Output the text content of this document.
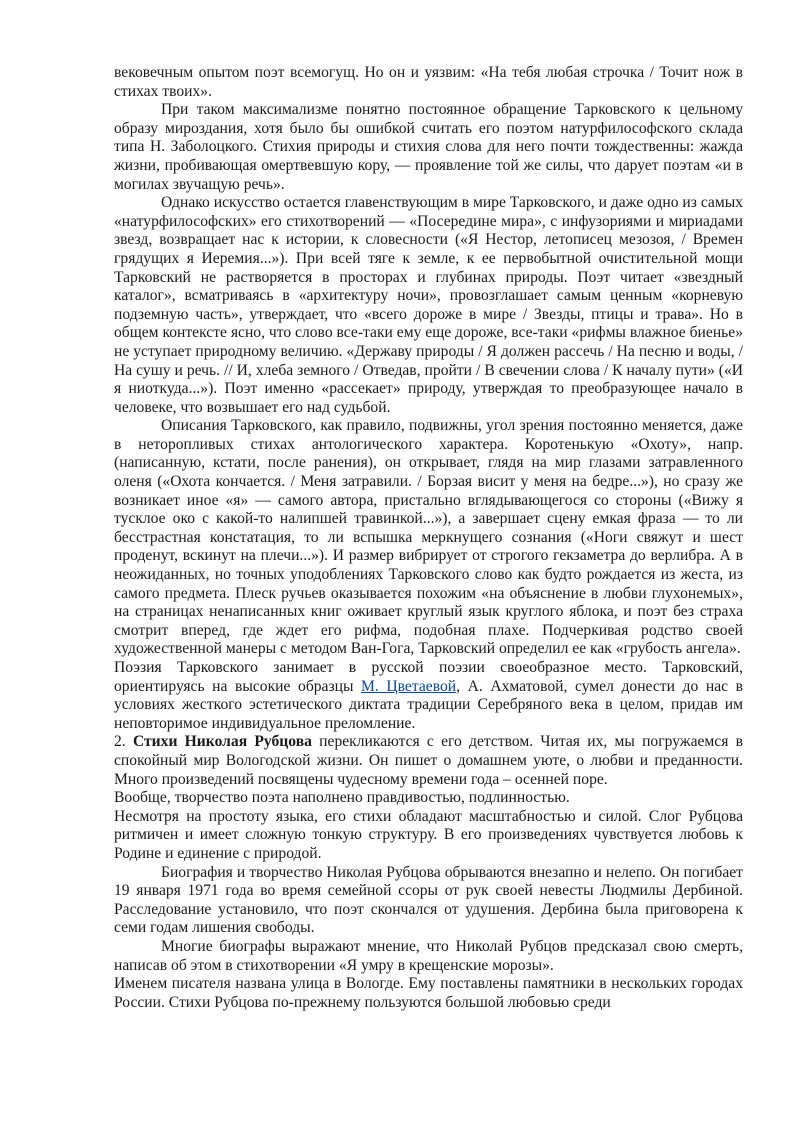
вековечным опытом поэт всемогущ. Но он и уязвим: «На тебя любая строчка / Точит нож в стихах твоих».

При таком максимализме понятно постоянное обращение Тарковского к цельному образу мироздания, хотя было бы ошибкой считать его поэтом натурфилософского склада типа Н. Заболоцкого. Стихия природы и стихия слова для него почти тождественны: жажда жизни, пробивающая омертвевшую кору, — проявление той же силы, что дарует поэтам «и в могилах звучащую речь».

Однако искусство остается главенствующим в мире Тарковского, и даже одно из самых «натурфилософских» его стихотворений — «Посередине мира», с инфузориями и мириадами звезд, возвращает нас к истории, к словесности («Я Нестор, летописец мезозоя, / Времен грядущих я Иеремия...»). При всей тяге к земле, к ее первобытной очистительной мощи Тарковский не растворяется в просторах и глубинах природы. Поэт читает «звездный каталог», всматриваясь в «архитектуру ночи», провозглашает самым ценным «корневую подземную часть», утверждает, что «всего дороже в мире / Звезды, птицы и трава». Но в общем контексте ясно, что слово все-таки ему еще дороже, все-таки «рифмы влажное биенье» не уступает природному величию. «Державу природы / Я должен рассечь / На песню и воды, / На сушу и речь. // И, хлеба земного / Отведав, пройти / В свечении слова / К началу пути» («И я ниоткуда...»). Поэт именно «рассекает» природу, утверждая то преобразующее начало в человеке, что возвышает его над судьбой.

Описания Тарковского, как правило, подвижны, угол зрения постоянно меняется, даже в неторопливых стихах антологического характера. Коротенькую «Охоту», напр. (написанную, кстати, после ранения), он открывает, глядя на мир глазами затравленного оленя («Охота кончается. / Меня затравили. / Борзая висит у меня на бедре...»), но сразу же возникает иное «я» — самого автора, пристально вглядывающегося со стороны («Вижу я тусклое око с какой-то налипшей травинкой...»), а завершает сцену емкая фраза — то ли бесстрастная констатация, то ли вспышка меркнущего сознания («Ноги свяжут и шест проденут, вскинут на плечи...»). И размер вибрирует от строгого гекзаметра до верлибра. А в неожиданных, но точных уподоблениях Тарковского слово как будто рождается из жеста, из самого предмета. Плеск ручьев оказывается похожим «на объяснение в любви глухонемых», на страницах ненаписанных книг оживает круглый язык круглого яблока, и поэт без страха смотрит вперед, где ждет его рифма, подобная плахе. Подчеркивая родство своей художественной манеры с методом Ван-Гога, Тарковский определил ее как «грубость ангела».

Поэзия Тарковского занимает в русской поэзии своеобразное место. Тарковский, ориентируясь на высокие образцы М. Цветаевой, А. Ахматовой, сумел донести до нас в условиях жесткого эстетического диктата традиции Серебряного века в целом, придав им неповторимое индивидуальное преломление.

2. Стихи Николая Рубцова перекликаются с его детством. Читая их, мы погружаемся в спокойный мир Вологодской жизни. Он пишет о домашнем уюте, о любви и преданности. Много произведений посвящены чудесному времени года – осенней поре.

Вообще, творчество поэта наполнено правдивостью, подлинностью.

Несмотря на простоту языка, его стихи обладают масштабностью и силой. Слог Рубцова ритмичен и имеет сложную тонкую структуру. В его произведениях чувствуется любовь к Родине и единение с природой.

Биография и творчество Николая Рубцова обрываются внезапно и нелепо. Он погибает 19 января 1971 года во время семейной ссоры от рук своей невесты Людмилы Дербиной. Расследование установило, что поэт скончался от удушения. Дербина была приговорена к семи годам лишения свободы.

Многие биографы выражают мнение, что Николай Рубцов предсказал свою смерть, написав об этом в стихотворении «Я умру в крещенские морозы».

Именем писателя названа улица в Вологде. Ему поставлены памятники в нескольких городах России. Стихи Рубцова по-прежнему пользуются большой любовью среди
